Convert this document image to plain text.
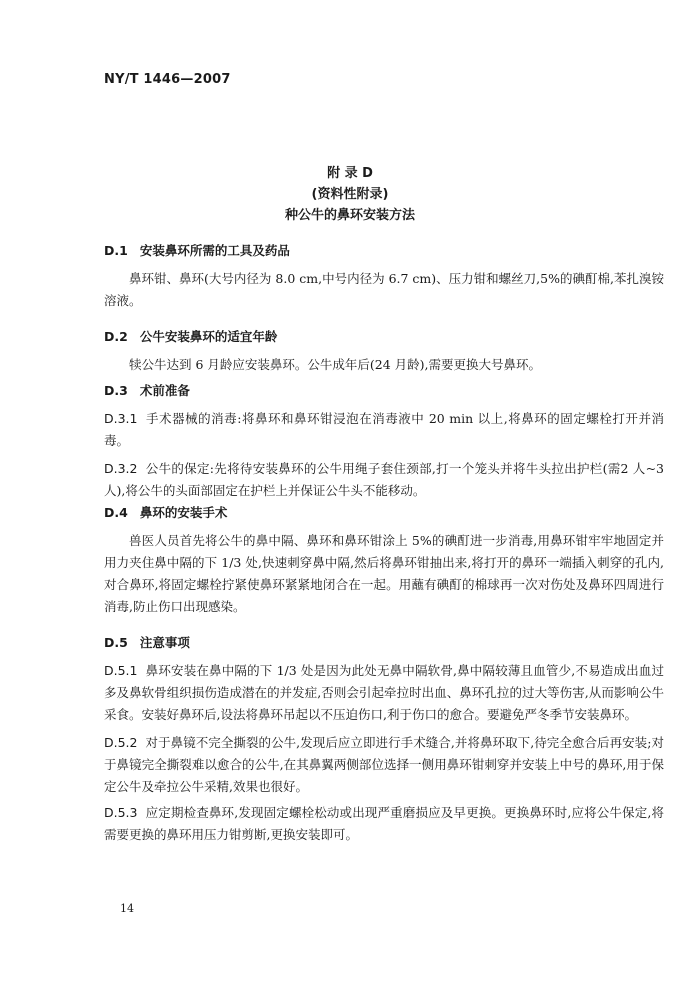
NY/T 1446—2007
附 录 D
(资料性附录)
种公牛的鼻环安装方法
D.1 安装鼻环所需的工具及药品

鼻环钳、鼻环(大号内径为 8.0 cm,中号内径为 6.7 cm)、压力钳和螺丝刀,5%的碘酊棉,苯扎溴铵溶液。

D.2 公牛安装鼻环的适宜年龄

犊公牛达到 6 月龄应安装鼻环。公牛成年后(24 月龄),需要更换大号鼻环。

D.3 术前准备

D.3.1 手术器械的消毒:将鼻环和鼻环钳浸泡在消毒液中 20 min 以上,将鼻环的固定螺栓打开并消毒。

D.3.2 公牛的保定:先将待安装鼻环的公牛用绳子套住颈部,打一个笼头并将牛头拉出护栏(需2 人~3 人),将公牛的头面部固定在护栏上并保证公牛头不能移动。

D.4 鼻环的安装手术

兽医人员首先将公牛的鼻中隔、鼻环和鼻环钳涂上 5%的碘酊进一步消毒,用鼻环钳牢牢地固定并用力夹住鼻中隔的下 1/3 处,快速刺穿鼻中隔,然后将鼻环钳抽出来,将打开的鼻环一端插入刺穿的孔内,对合鼻环,将固定螺栓拧紧使鼻环紧紧地闭合在一起。用蘸有碘酊的棉球再一次对伤处及鼻环四周进行消毒,防止伤口出现感染。

D.5 注意事项

D.5.1 鼻环安装在鼻中隔的下 1/3 处是因为此处无鼻中隔软骨,鼻中隔较薄且血管少,不易造成出血过多及鼻软骨组织损伤造成潜在的并发症,否则会引起牵拉时出血、鼻环孔拉的过大等伤害,从而影响公牛采食。安装好鼻环后,设法将鼻环吊起以不压迫伤口,利于伤口的愈合。要避免严冬季节安装鼻环。

D.5.2 对于鼻镜不完全撕裂的公牛,发现后应立即进行手术缝合,并将鼻环取下,待完全愈合后再安装;对于鼻镜完全撕裂难以愈合的公牛,在其鼻翼两侧部位选择一侧用鼻环钳刺穿并安装上中号的鼻环,用于保定公牛及牵拉公牛采精,效果也很好。

D.5.3 应定期检查鼻环,发现固定螺栓松动或出现严重磨损应及早更换。更换鼻环时,应将公牛保定,将需要更换的鼻环用压力钳剪断,更换安装即可。

14
